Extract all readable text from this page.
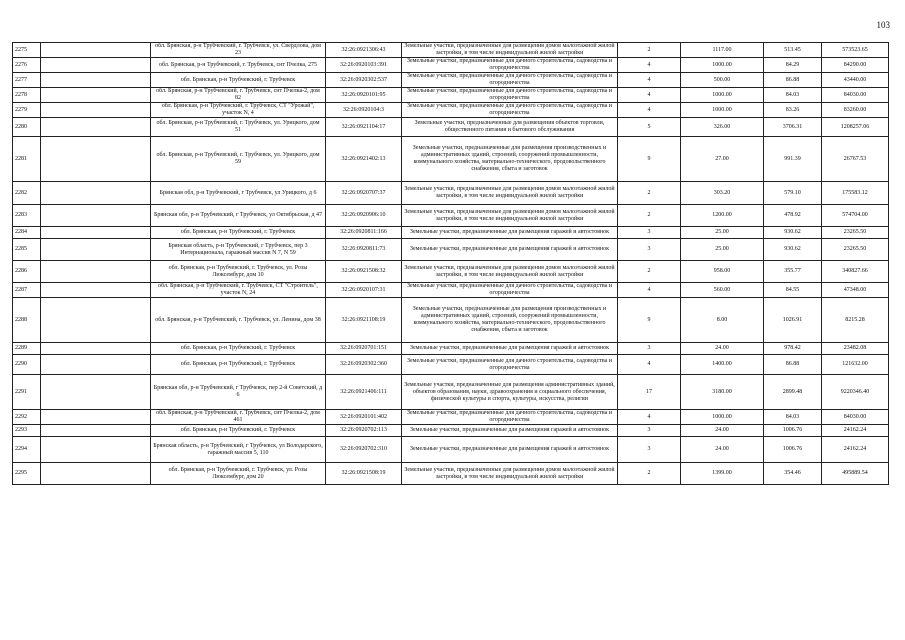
103
2275		обл. Брянская, р-н Трубчевский, г. Трубчевск, ул. Свердлова, дом 23	32:26:0921306:43	Земельные участки, предназначенные для размещения домов малоэтажной жилой застройки, в том числе индивидуальной жилой застройки	2	1117.00	513.45	573523.65
2276		обл. Брянская, р-н Трубчевский, г. Трубчевск, снт Пчелка, 275	32:26:0920103:391	Земельные участки, предназначенные для дачного строительства, садоводства и огородничества	4	1000.00	84.29	84290.00
2277		обл. Брянская, р-н Трубчевский, г. Трубчевск	32:26:0920302:537	Земельные участки, предназначенные для дачного строительства, садоводства и огородничества	4	500.00	86.88	43440.00
2278		обл. Брянская, р-н Трубчевский, г. Трубчевск, снт Пчелка-2, дом 82	32:26:0920101:95	Земельные участки, предназначенные для дачного строительства, садоводства и огородничества	4	1000.00	84.03	84030.00
2279		обл. Брянская, р-н Трубчевский, г. Трубчевск, СТ "Урожай", участок N, 4	32:26:0920104:3	Земельные участки, предназначенные для дачного строительства, садоводства и огородничества	4	1000.00	83.26	83260.00
2280		обл. Брянская, р-н Трубчевский, г. Трубчевск, ул. Урицкого, дом 51	32:26:0921104:17	Земельные участки, предназначенные для размещения объектов торговли, общественного питания и бытового обслуживания	5	326.00	3706.31	1208257.06
2281		обл. Брянская, р-н Трубчевский, г. Трубчевск, ул. Урицкого, дом 59	32:26:0921402:13	Земельные участки, предназначенные для размещения производственных и административных зданий, строений, сооружений промышленности, коммунального хозяйства, материально-технического, продовольственного снабжения, сбыта и заготовок	9	27.00	991.39	26767.53
2282		Брянская обл, р-н Трубчевский, г Трубчевск, ул Урицкого, д 6	32:26:0920707:37	Земельные участки, предназначенные для размещения домов малоэтажной жилой застройки, в том числе индивидуальной жилой застройки	2	303.20	579.10	175583.12
2283		Брянская обл, р-н Трубчевский, г Трубчевск, ул Октябрьская, д 47	32:26:0920906:10	Земельные участки, предназначенные для размещения домов малоэтажной жилой застройки, в том числе индивидуальной жилой застройки	2	1200.00	478.92	574704.00
2284		обл. Брянская, р-н Трубчевский, г. Трубчевск	32:26:0920811:166	Земельные участки, предназначенные для размещения гаражей и автостоянок	3	25.00	930.62	23265.50
2285		Брянская область, р-н Трубчевский, г Трубчевск, пер 3 Интернационала, гаражный массив N 7, N 59	32:26:0920811:73	Земельные участки, предназначенные для размещения гаражей и автостоянок	3	25.00	930.62	23265.50
2286		обл. Брянская, р-н Трубчевский, г. Трубчевск, ул. Розы Люксембург, дом 10	32:26:0921508:32	Земельные участки, предназначенные для размещения домов малоэтажной жилой застройки, в том числе индивидуальной жилой застройки	2	958.00	355.77	340827.66
2287		обл. Брянская, р-н Трубчевский, г. Трубчевск, СТ "Строитель", участок N, 24	32:26:0920107:31	Земельные участки, предназначенные для дачного строительства, садоводства и огородничества	4	560.00	84.55	47348.00
2288		обл. Брянская, р-н Трубчевский, г. Трубчевск, ул. Ленина, дом 38	32:26:0921108:19	Земельные участки, предназначенные для размещения производственных и административных зданий, строений, сооружений промышленности, коммунального хозяйства, материально-технического, продовольственного снабжения, сбыта и заготовок	9	8.00	1026.91	8215.28
2289		обл. Брянская, р-н Трубчевский, г. Трубчевск	32:26:0920701:151	Земельные участки, предназначенные для размещения гаражей и автостоянок	3	24.00	978.42	23482.08
2290		обл. Брянская, р-н Трубчевский, г. Трубчевск	32:26:0920302:360	Земельные участки, предназначенные для дачного строительства, садоводства и огородничества	4	1400.00	86.88	121632.00
2291		Брянская обл, р-н Трубчевский, г Трубчевск, пер 2-й Советский, д 6	32:26:0921406:111	Земельные участки, предназначенные для размещения административных зданий, объектов образования, науки, здравоохранения и социального обеспечения, физической культуры и спорта, культуры, искусства, религии	17	3180.00	2899.48	9220346.40
2292		обл. Брянская, р-н Трубчевский, г. Трубчевск, снт Пчелка-2, дом 461	32:26:0920101:402	Земельные участки, предназначенные для дачного строительства, садоводства и огородничества	4	1000.00	84.03	84030.00
2293		обл. Брянская, р-н Трубчевский, г. Трубчевск	32:26:0920702:113	Земельные участки, предназначенные для размещения гаражей и автостоянок	3	24.00	1006.76	24162.24
2294		Брянская область, р-н Трубчевский, г Трубчевск, ул Володарского, гаражный массив 5, 110	32:26:0920702:310	Земельные участки, предназначенные для размещения гаражей и автостоянок	3	24.00	1006.76	24162.24
2295		обл. Брянская, р-н Трубчевский, г. Трубчевск, ул. Розы Люксембург, дом 20	32:26:0921508:19	Земельные участки, предназначенные для размещения домов малоэтажной жилой застройки, в том числе индивидуальной жилой застройки	2	1399.00	354.46	495889.54
